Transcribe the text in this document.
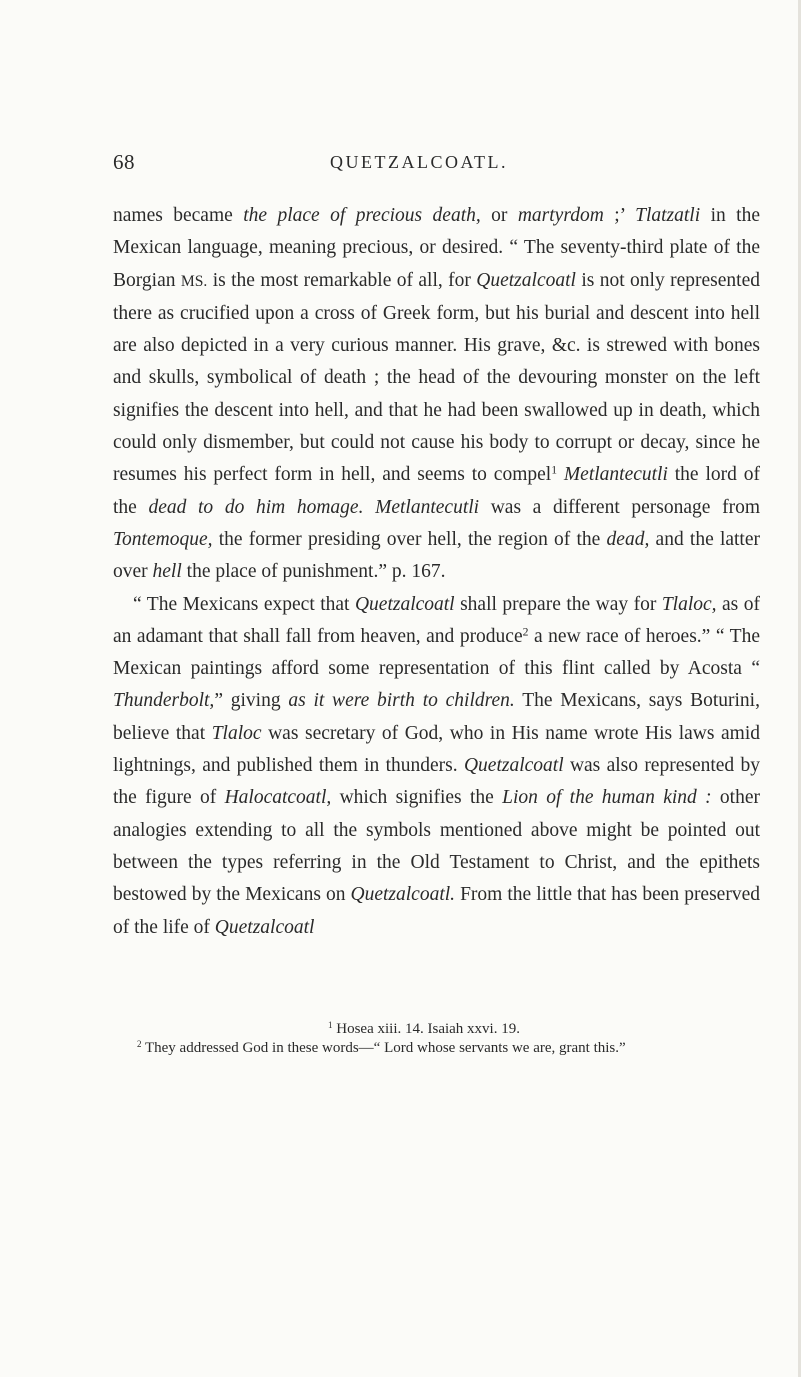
68	QUETZALCOATL.

names became the place of precious death, or martyrdom ;’ Tlatzatli in the Mexican language, meaning precious, or desired. “ The seventy-third plate of the Borgian MS. is the most remarkable of all, for Quetzalcoatl is not only represented there as crucified upon a cross of Greek form, but his burial and descent into hell are also depicted in a very curious manner. His grave, &c. is strewed with bones and skulls, symbolical of death ; the head of the devouring monster on the left signifies the descent into hell, and that he had been swallowed up in death, which could only dismember, but could not cause his body to corrupt or decay, since he resumes his perfect form in hell, and seems to compel$^1$ Metlantecutli the lord of the dead to do him homage. Metlantecutli was a different personage from Tontemoque, the former presiding over hell, the region of the dead, and the latter over hell the place of punishment.” p. 167.

“ The Mexicans expect that Quetzalcoatl shall prepare the way for Tlaloc, as of an adamant that shall fall from heaven, and produce$^2$ a new race of heroes.” “ The Mexican paintings afford some representation of this flint called by Acosta “ Thunderbolt,” giving as it were birth to children. The Mexicans, says Boturini, believe that Tlaloc was secretary of God, who in His name wrote His laws amid lightnings, and published them in thunders. Quetzalcoatl was also represented by the figure of Halocatcoatl, which signifies the Lion of the human kind : other analogies extending to all the symbols mentioned above might be pointed out between the types referring in the Old Testament to Christ, and the epithets bestowed by the Mexicans on Quetzalcoatl. From the little that has been preserved of the life of Quetzalcoatl

$^1$ Hosea xiii. 14. Isaiah xxvi. 19.

$^2$ They addressed God in these words—“ Lord whose servants we are, grant this.”
